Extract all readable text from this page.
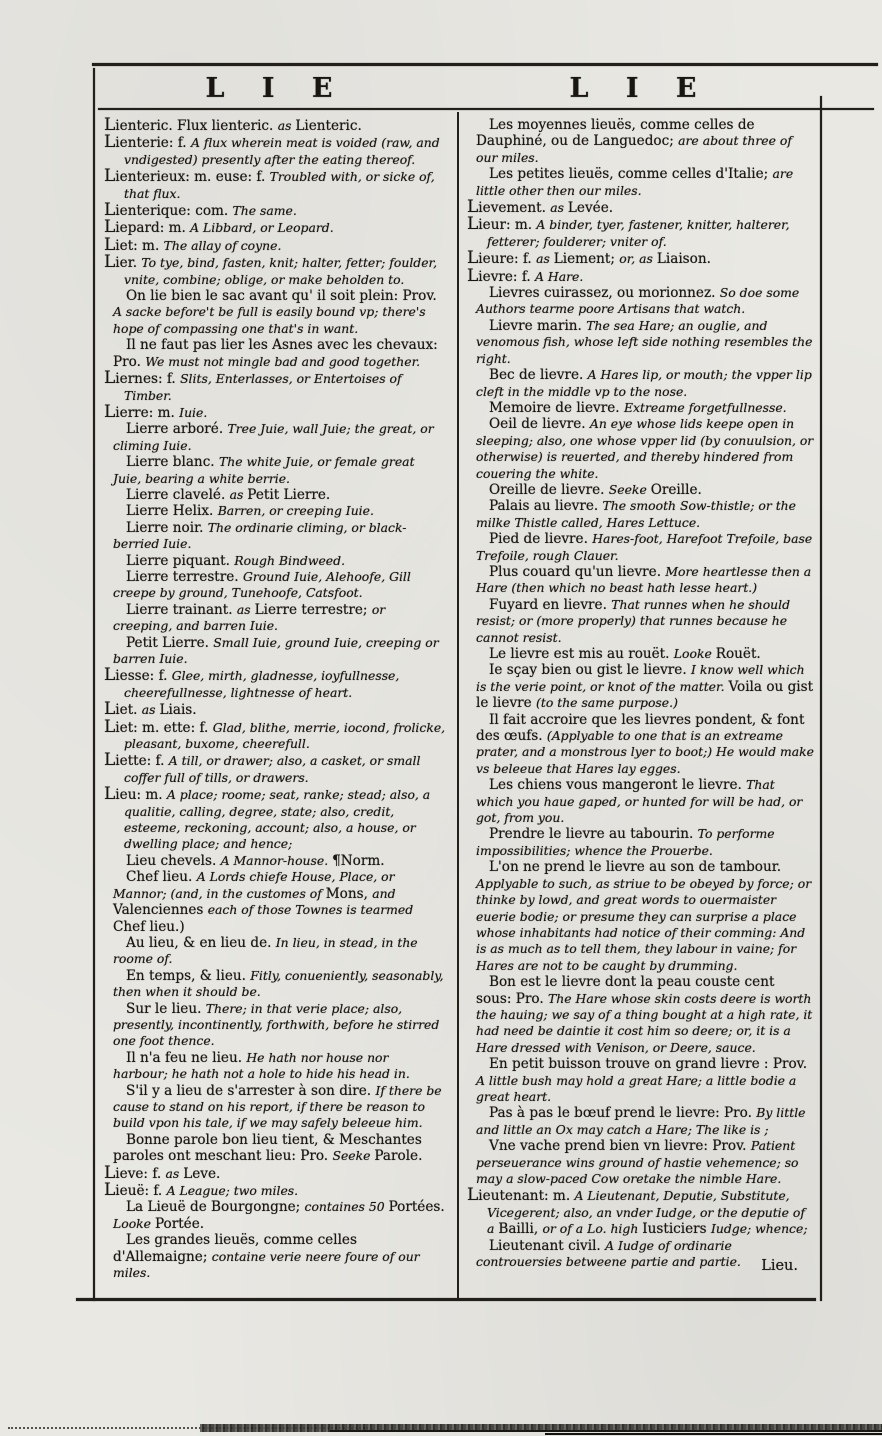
L I E	L I E

Lienteric. Flux lienteric. as Lienteric.

Lienterie: f. A flux wherein meat is voided (raw, and vndigested) presently after the eating thereof.

Lienterieux: m. euse: f. Troubled with, or sicke of, that flux.

Lienterique: com. The same.

Liepard: m. A Libbard, or Leopard.

Liet: m. The allay of coyne.

Lier. To tye, bind, fasten, knit; halter, fetter; foulder, vnite, combine; oblige, or make beholden to.

On lie bien le sac avant qu' il soit plein: Prov. A sacke before't be full is easily bound vp; there's hope of compassing one that's in want.

Il ne faut pas lier les Asnes avec les chevaux: Pro. We must not mingle bad and good together.

Liernes: f. Slits, Enterlasses, or Entertoises of Timber.

Lierre: m. Iuie.

Lierre arboré. Tree Juie, wall Juie; the great, or climing Iuie.

Lierre blanc. The white Juie, or female great Juie, bearing a white berrie.

Lierre clavelé. as Petit Lierre.

Lierre Helix. Barren, or creeping Iuie.

Lierre noir. The ordinarie climing, or black-berried Iuie.

Lierre piquant. Rough Bindweed.

Lierre terrestre. Ground Iuie, Alehoofe, Gill creepe by ground, Tunehoofe, Catsfoot.

Lierre trainant. as Lierre terrestre; or creeping, and barren Iuie.

Petit Lierre. Small Iuie, ground Iuie, creeping or barren Iuie.

Liesse: f. Glee, mirth, gladnesse, ioyfullnesse, cheerefullnesse, lightnesse of heart.

Liet. as Liais.

Liet: m. ette: f. Glad, blithe, merrie, iocond, frolicke, pleasant, buxome, cheerefull.

Liette: f. A till, or drawer; also, a casket, or small coffer full of tills, or drawers.

Lieu: m. A place; roome; seat, ranke; stead; also, a qualitie, calling, degree, state; also, credit, esteeme, reckoning, account; also, a house, or dwelling place; and hence;

Lieu chevels. A Mannor-house. ¶Norm.

Chef lieu. A Lords chiefe House, Place, or Mannor; (and, in the customes of Mons, and Valenciennes each of those Townes is tearmed Chef lieu.)

Au lieu, & en lieu de. In lieu, in stead, in the roome of.

En temps, & lieu. Fitly, conueniently, seasonably, then when it should be.

Sur le lieu. There; in that verie place; also, presently, incontinently, forthwith, before he stirred one foot thence.

Il n'a feu ne lieu. He hath nor house nor harbour; he hath not a hole to hide his head in.

S'il y a lieu de s'arrester à son dire. If there be cause to stand on his report, if there be reason to build vpon his tale, if we may safely beleeue him.

Bonne parole bon lieu tient, & Meschantes paroles ont meschant lieu: Pro. Seeke Parole.

Lieve: f. as Leve.

Lieuë: f. A League; two miles.

La Lieuë de Bourgongne; containes 50 Portées. Looke Portée.

Les grandes lieuës, comme celles d'Allemaigne; containe verie neere foure of our miles.

Les moyennes lieuës, comme celles de Dauphiné, ou de Languedoc; are about three of our miles.

Les petites lieuës, comme celles d'Italie; are little other then our miles.

Lievement. as Levée.

Lieur: m. A binder, tyer, fastener, knitter, halterer, fetterer; foulderer; vniter of.

Lieure: f. as Liement; or, as Liaison.

Lievre: f. A Hare.

Lievres cuirassez, ou morionnez. So doe some Authors tearme poore Artisans that watch.

Lievre marin. The sea Hare; an ouglie, and venomous fish, whose left side nothing resembles the right.

Bec de lievre. A Hares lip, or mouth; the vpper lip cleft in the middle vp to the nose.

Memoire de lievre. Extreame forgetfullnesse.

Oeil de lievre. An eye whose lids keepe open in sleeping; also, one whose vpper lid (by conuulsion, or otherwise) is reuerted, and thereby hindered from couering the white.

Oreille de lievre. Seeke Oreille.

Palais au lievre. The smooth Sow-thistle; or the milke Thistle called, Hares Lettuce.

Pied de lievre. Hares-foot, Harefoot Trefoile, base Trefoile, rough Clauer.

Plus couard qu'un lievre. More heartlesse then a Hare (then which no beast hath lesse heart.)

Fuyard en lievre. That runnes when he should resist; or (more properly) that runnes because he cannot resist.

Le lievre est mis au rouët. Looke Rouët.

Ie sçay bien ou gist le lievre. I know well which is the verie point, or knot of the matter. Voila ou gist le lievre (to the same purpose.)

Il fait accroire que les lievres pondent, & font des œufs. (Applyable to one that is an extreame prater, and a monstrous lyer to boot;) He would make vs beleeue that Hares lay egges.

Les chiens vous mangeront le lievre. That which you haue gaped, or hunted for will be had, or got, from you.

Prendre le lievre au tabourin. To performe impossibilities; whence the Prouerbe.

L'on ne prend le lievre au son de tambour. Applyable to such, as striue to be obeyed by force; or thinke by lowd, and great words to ouermaister euerie bodie; or presume they can surprise a place whose inhabitants had notice of their comming: And is as much as to tell them, they labour in vaine; for Hares are not to be caught by drumming.

Bon est le lievre dont la peau couste cent sous: Pro. The Hare whose skin costs deere is worth the hauing; we say of a thing bought at a high rate, it had need be daintie it cost him so deere; or, it is a Hare dressed with Venison, or Deere, sauce.

En petit buisson trouve on grand lievre : Prov. A little bush may hold a great Hare; a little bodie a great heart.

Pas à pas le bœuf prend le lievre: Pro. By little and little an Ox may catch a Hare; The like is ;

Vne vache prend bien vn lievre: Prov. Patient perseuerance wins ground of hastie vehemence; so may a slow-paced Cow oretake the nimble Hare.

Lieutenant: m. A Lieutenant, Deputie, Substitute, Vicegerent; also, an vnder Iudge, or the deputie of a Bailli, or of a Lo. high Iusticiers Iudge; whence;

Lieutenant civil. A Iudge of ordinarie controuersies betweene partie and partie.	Lieu.
